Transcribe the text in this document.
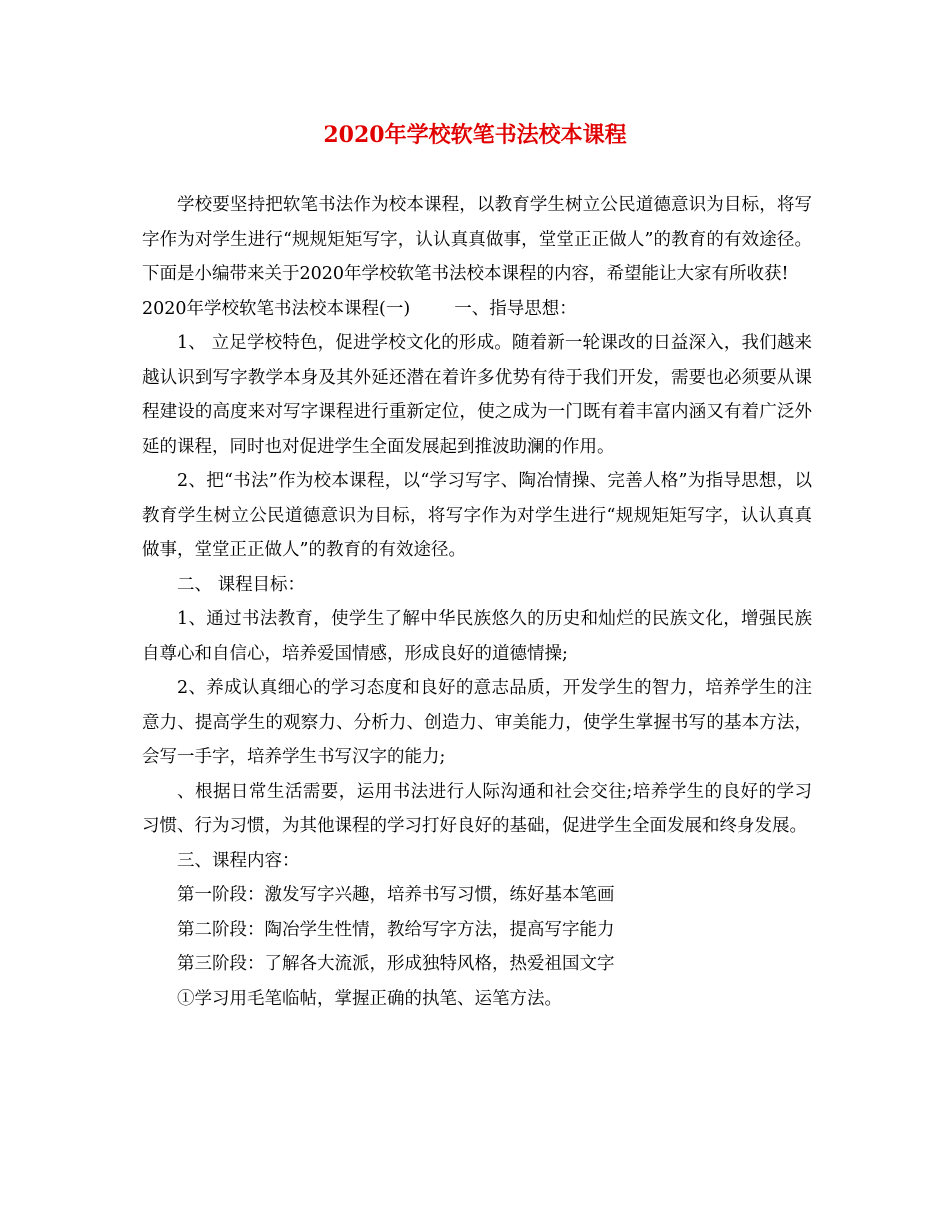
2020年学校软笔书法校本课程

学校要坚持把软笔书法作为校本课程，以教育学生树立公民道德意识为目标，将写字作为对学生进行“规规矩矩写字，认认真真做事，堂堂正正做人”的教育的有效途径。下面是小编带来关于2020年学校软笔书法校本课程的内容，希望能让大家有所收获!

2020年学校软笔书法校本课程(一)	一、指导思想：

1、 立足学校特色，促进学校文化的形成。随着新一轮课改的日益深入，我们越来越认识到写字教学本身及其外延还潜在着许多优势有待于我们开发，需要也必须要从课程建设的高度来对写字课程进行重新定位，使之成为一门既有着丰富内涵又有着广泛外延的课程，同时也对促进学生全面发展起到推波助澜的作用。

2、把“书法”作为校本课程，以“学习写字、陶冶情操、完善人格”为指导思想，以教育学生树立公民道德意识为目标，将写字作为对学生进行“规规矩矩写字，认认真真做事，堂堂正正做人”的教育的有效途径。

二、 课程目标：

1、通过书法教育，使学生了解中华民族悠久的历史和灿烂的民族文化，增强民族自尊心和自信心，培养爱国情感，形成良好的道德情操;

2、养成认真细心的学习态度和良好的意志品质，开发学生的智力，培养学生的注意力、提高学生的观察力、分析力、创造力、审美能力，使学生掌握书写的基本方法，会写一手字，培养学生书写汉字的能力;

、根据日常生活需要，运用书法进行人际沟通和社会交往;培养学生的良好的学习习惯、行为习惯，为其他课程的学习打好良好的基础，促进学生全面发展和终身发展。

三、课程内容：

第一阶段：激发写字兴趣，培养书写习惯，练好基本笔画

第二阶段：陶冶学生性情，教给写字方法，提高写字能力

第三阶段：了解各大流派，形成独特风格，热爱祖国文字

①学习用毛笔临帖，掌握正确的执笔、运笔方法。
